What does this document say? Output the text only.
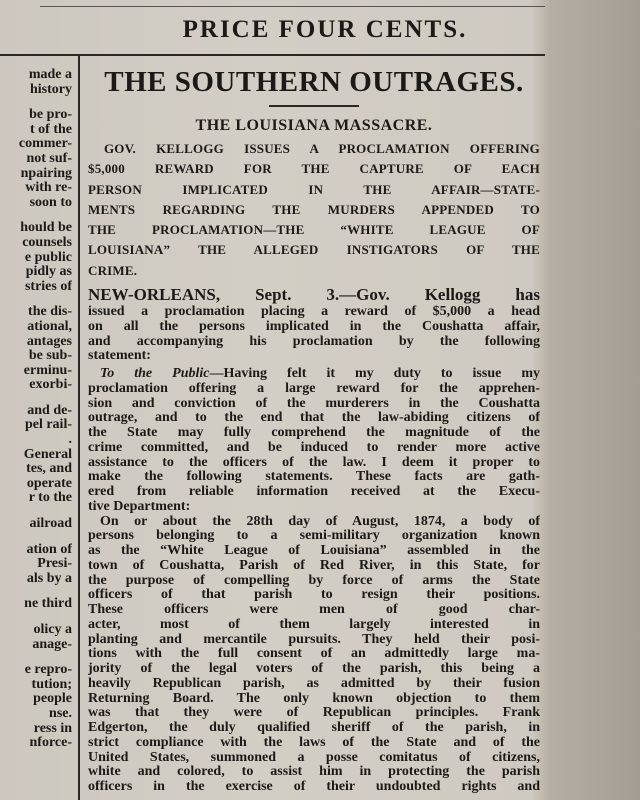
PRICE FOUR CENTS.
made a
history
be pro-
t of the
commer-
not suf-
npairing
with re-
soon to
hould be
counsels
e public
pidly as
stries of
the dis-
ational,
antages
be sub-
erminu-
exorbi-
and de-
pel rail-
.
General
tes, and
operate
r to the
ailroad
ation of
Presi-
als by a
ne third
olicy a
anage-
e repro-
tution;
people
nse.
ress in
nforce-
THE SOUTHERN OUTRAGES.
THE LOUISIANA MASSACRE.
GOV. KELLOGG ISSUES A PROCLAMATION OFFERING
$5,000 REWARD FOR THE CAPTURE OF EACH
PERSON IMPLICATED IN THE AFFAIR—STATE-
MENTS REGARDING THE MURDERS APPENDED TO
THE PROCLAMATION—THE “WHITE LEAGUE OF
LOUISIANA” THE ALLEGED INSTIGATORS OF THE
CRIME.
NEW-ORLEANS, Sept. 3.—Gov. Kellogg has
issued a proclamation placing a reward of $5,000 a head
on all the persons implicated in the Coushatta affair,
and accompanying his proclamation by the following
statement:
To the Public—Having felt it my duty to issue my
proclamation offering a large reward for the apprehen-
sion and conviction of the murderers in the Coushatta
outrage, and to the end that the law-abiding citizens of
the State may fully comprehend the magnitude of the
crime committed, and be induced to render more active
assistance to the officers of the law. I deem it proper to
make the following statements. These facts are gath-
ered from reliable information received at the Execu-
tive Department:
On or about the 28th day of August, 1874, a body of
persons belonging to a semi-military organization known
as the “White League of Louisiana” assembled in the
town of Coushatta, Parish of Red River, in this State, for
the purpose of compelling by force of arms the State
officers of that parish to resign their positions.
These officers were men of good char-
acter, most of them largely interested in
planting and mercantile pursuits. They held their posi-
tions with the full consent of an admittedly large ma-
jority of the legal voters of the parish, this being a
heavily Republican parish, as admitted by their fusion
Returning Board. The only known objection to them
was that they were of Republican principles. Frank
Edgerton, the duly qualified sheriff of the parish, in
strict compliance with the laws of the State and of the
United States, summoned a posse comitatus of citizens,
white and colored, to assist him in protecting the parish
officers in the exercise of their undoubted rights and
